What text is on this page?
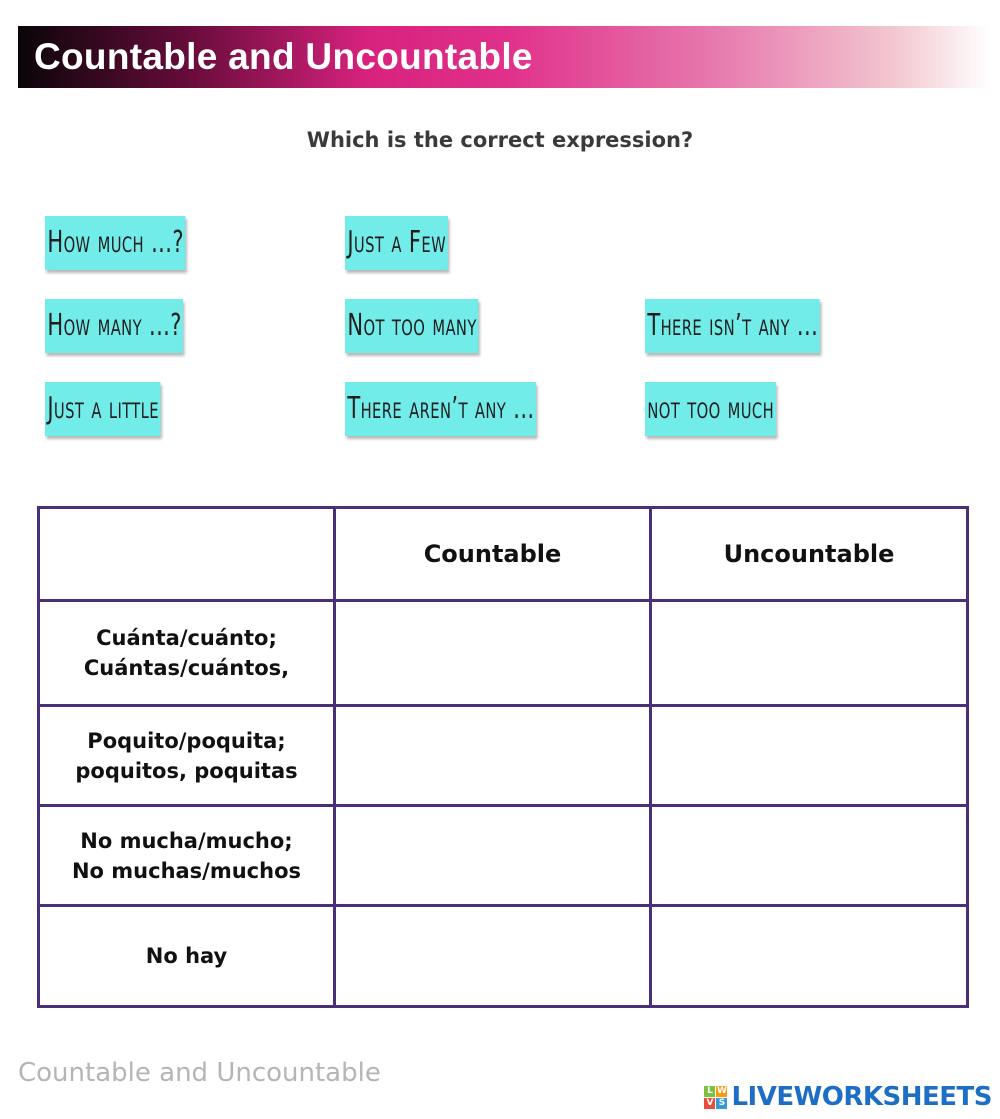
Countable and Uncountable
Which is the correct expression?
How much ...?	Just a Few
How many ...?	Not too many	There isn’t any ...
Just a little	There aren’t any ...	not too much
	Countable	Uncountable
Cuánta/cuánto;
Cuántas/cuántos,		
Poquito/poquita;
poquitos, poquitas		
No mucha/mucho;
No muchas/muchos		
No hay		
Countable and Uncountable
L W
V S LIVEWORKSHEETS
